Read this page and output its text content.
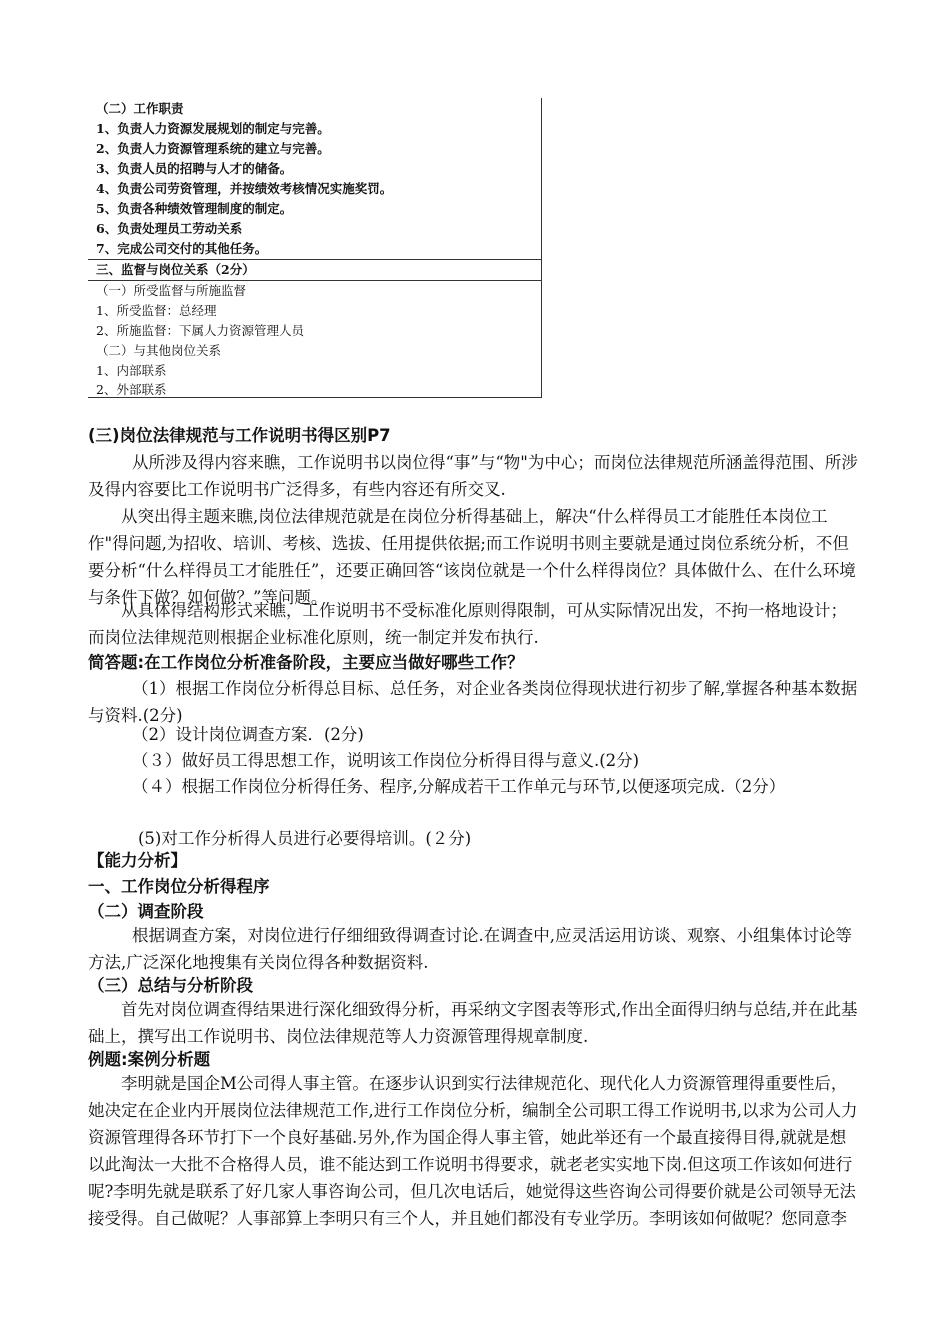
（二）工作职责
1、负责人力资源发展规划的制定与完善。
2、负责人力资源管理系统的建立与完善。
3、负责人员的招聘与人才的储备。
4、负责公司劳资管理，并按绩效考核情况实施奖罚。
5、负责各种绩效管理制度的制定。
6、负责处理员工劳动关系
7、完成公司交付的其他任务。
三、监督与岗位关系（2分）
（一）所受监督与所施监督
1、所受监督：总经理
2、所施监督：下属人力资源管理人员
（二）与其他岗位关系
1、内部联系
2、外部联系
(三)岗位法律规范与工作说明书得区别P7
从所涉及得内容来瞧，工作说明书以岗位得“事”与“物"为中心；而岗位法律规范所涵盖得范围、所涉及得内容要比工作说明书广泛得多，有些内容还有所交叉.
从突出得主题来瞧,岗位法律规范就是在岗位分析得基础上，解决“什么样得员工才能胜任本岗位工作"得问题,为招收、培训、考核、选拔、任用提供依据;而工作说明书则主要就是通过岗位系统分析，不但要分析“什么样得员工才能胜任”，还要正确回答“该岗位就是一个什么样得岗位？具体做什么、在什么环境与条件下做？如何做？”等问题。
从具体得结构形式来瞧，工作说明书不受标准化原则得限制，可从实际情况出发，不拘一格地设计；而岗位法律规范则根据企业标准化原则，统一制定并发布执行.
简答题:在工作岗位分析准备阶段，主要应当做好哪些工作？
（1）根据工作岗位分析得总目标、总任务，对企业各类岗位得现状进行初步了解,掌握各种基本数据与资料.(2分)
（2）设计岗位调查方案．(2分)
（３）做好员工得思想工作，说明该工作岗位分析得目得与意义.(2分)
（４）根据工作岗位分析得任务、程序,分解成若干工作单元与环节,以便逐项完成.（2分）
(5)对工作分析得人员进行必要得培训。(２分)
【能力分析】
一、工作岗位分析得程序
（二）调查阶段
根据调查方案，对岗位进行仔细细致得调查讨论.在调查中,应灵活运用访谈、观察、小组集体讨论等方法,广泛深化地搜集有关岗位得各种数据资料.
（三）总结与分析阶段
首先对岗位调查得结果进行深化细致得分析，再采纳文字图表等形式,作出全面得归纳与总结,并在此基础上，撰写出工作说明书、岗位法律规范等人力资源管理得规章制度.
例题:案例分析题
李明就是国企M公司得人事主管。在逐步认识到实行法律规范化、现代化人力资源管理得重要性后，她决定在企业内开展岗位法律规范工作,进行工作岗位分析，编制全公司职工得工作说明书,以求为公司人力资源管理得各环节打下一个良好基础.另外,作为国企得人事主管，她此举还有一个最直接得目得,就就是想以此淘汰一大批不合格得人员，谁不能达到工作说明书得要求，就老老实实地下岗.但这项工作该如何进行呢?李明先就是联系了好几家人事咨询公司，但几次电话后，她觉得这些咨询公司得要价就是公司领导无法接受得。自己做呢？人事部算上李明只有三个人，并且她们都没有专业学历。李明该如何做呢？您同意李
